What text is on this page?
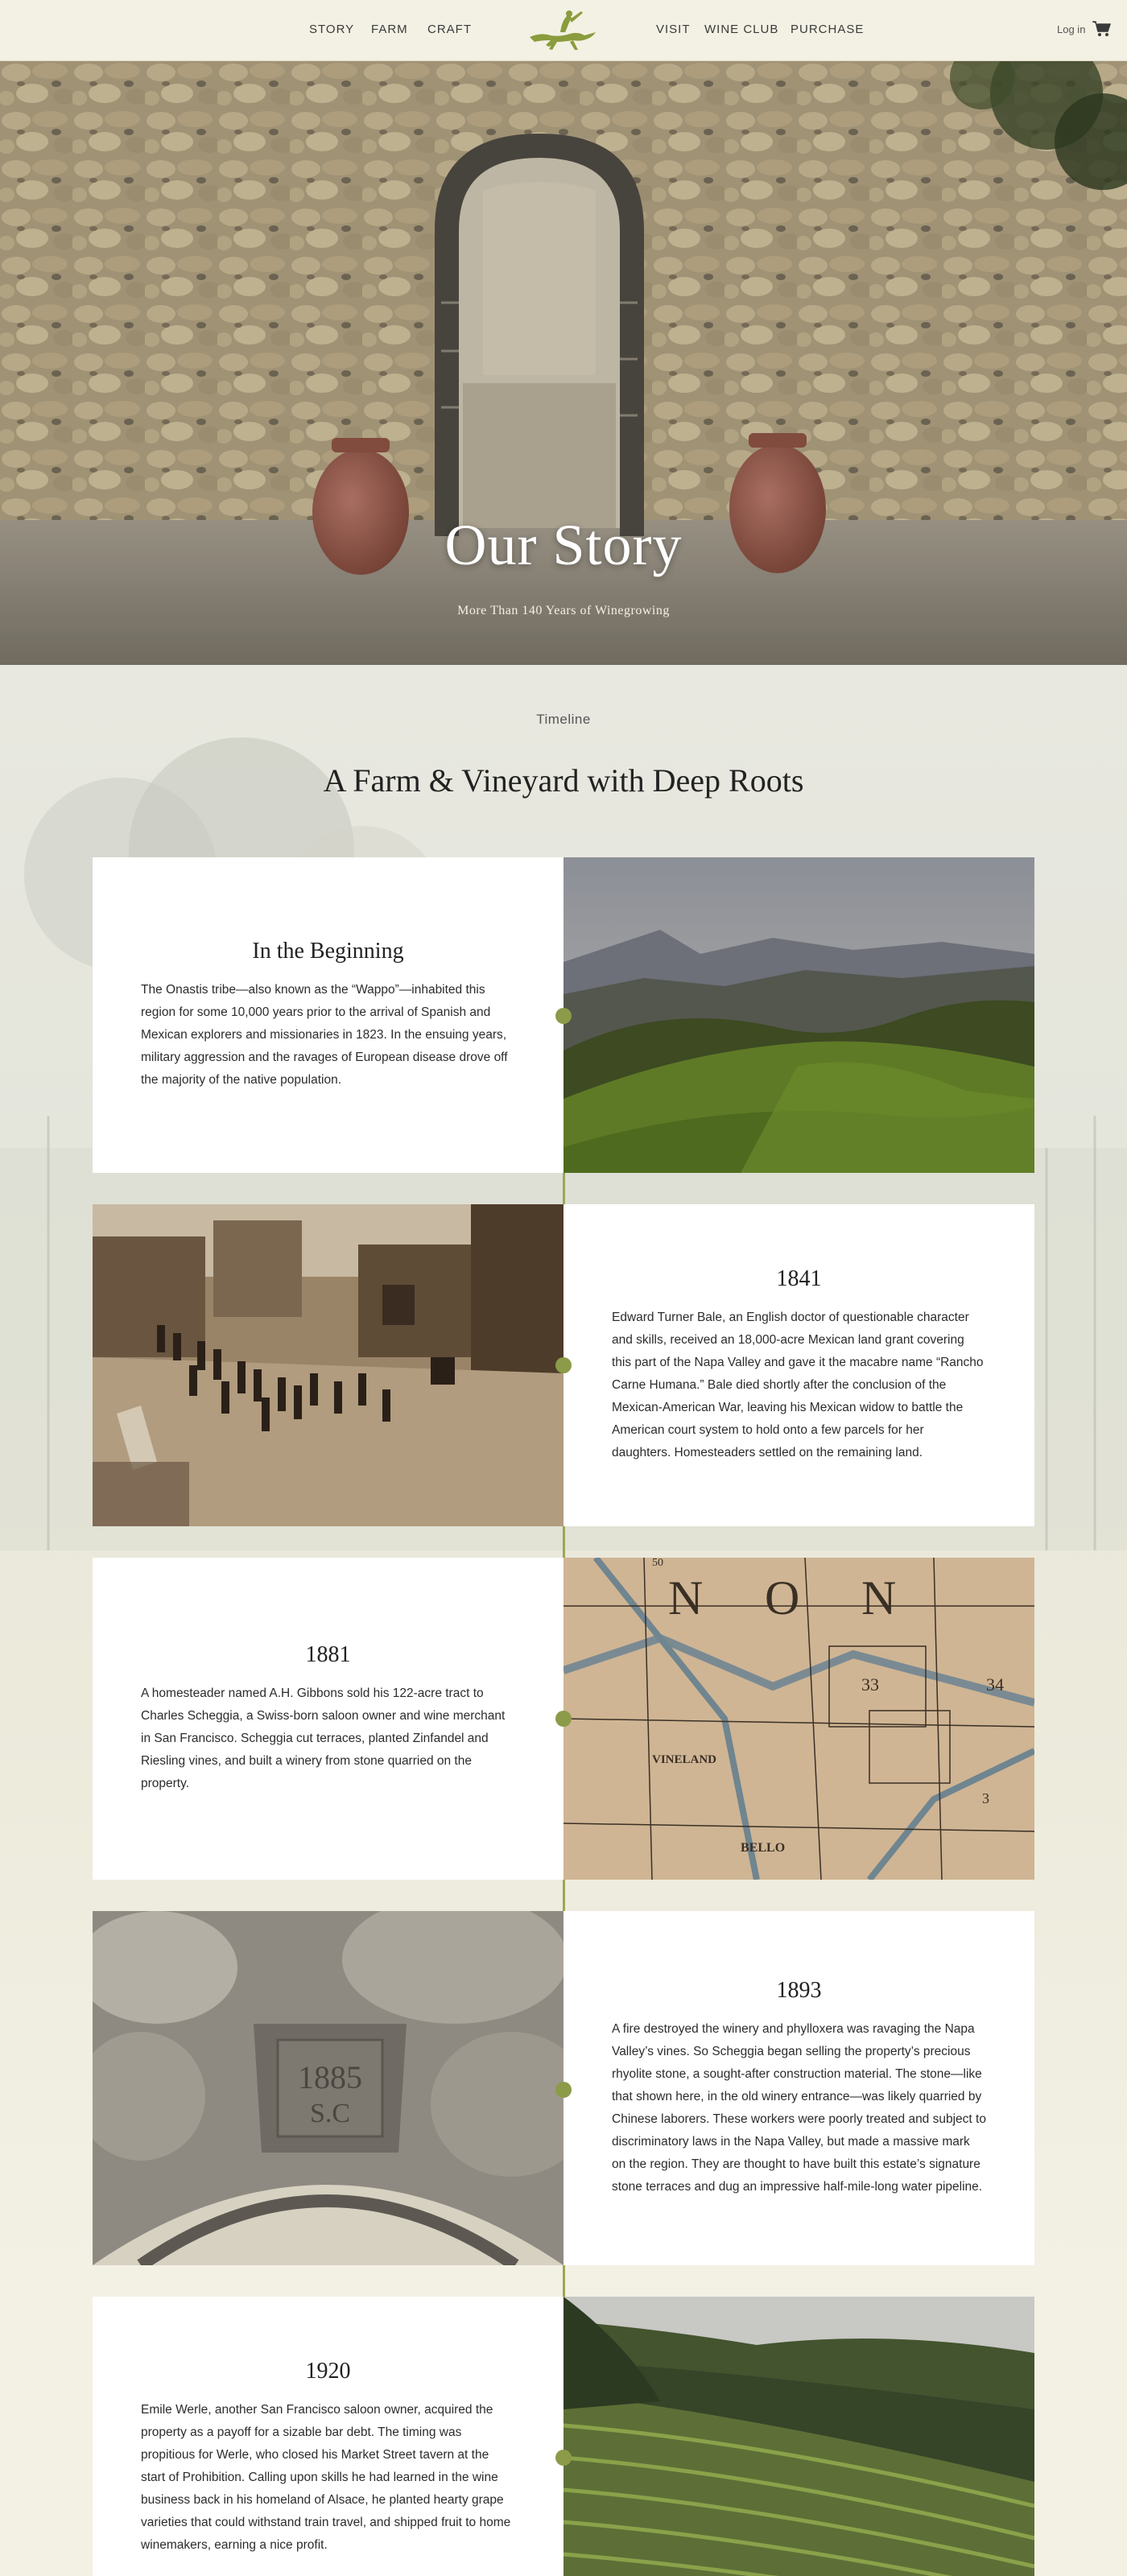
STORY FARM CRAFT	VISIT WINE CLUB PURCHASE	Log in
Our Story
More Than 140 Years of Winegrowing
Timeline
A Farm & Vineyard with Deep Roots
In the Beginning

The Onastis tribe—also known as the “Wappo”—inhabited this region for some 10,000 years prior to the arrival of Spanish and Mexican explorers and missionaries in 1823. In the ensuing years, military aggression and the ravages of European disease drove off the majority of the native population.

1841

Edward Turner Bale, an English doctor of questionable character and skills, received an 18,000-acre Mexican land grant covering this part of the Napa Valley and gave it the macabre name “Rancho Carne Humana.” Bale died shortly after the conclusion of the Mexican-American War, leaving his Mexican widow to battle the American court system to hold onto a few parcels for her daughters. Homesteaders settled on the remaining land.

1881

A homesteader named A.H. Gibbons sold his 122-acre tract to Charles Scheggia, a Swiss-born saloon owner and wine merchant in San Francisco. Scheggia cut terraces, planted Zinfandel and Riesling vines, and built a winery from stone quarried on the property.

N O N
VINELAND
BELLO
33	34
50
3
1885
S.C
1893

A fire destroyed the winery and phylloxera was ravaging the Napa Valley’s vines. So Scheggia began selling the property’s precious rhyolite stone, a sought-after construction material. The stone—like that shown here, in the old winery entrance—was likely quarried by Chinese laborers. These workers were poorly treated and subject to discriminatory laws in the Napa Valley, but made a massive mark on the region. They are thought to have built this estate’s signature stone terraces and dug an impressive half-mile-long water pipeline.

1920

Emile Werle, another San Francisco saloon owner, acquired the property as a payoff for a sizable bar debt. The timing was propitious for Werle, who closed his Market Street tavern at the start of Prohibition. Calling upon skills he had learned in the wine business back in his homeland of Alsace, he planted hearty grape varieties that could withstand train travel, and shipped fruit to home winemakers, earning a nice profit.
